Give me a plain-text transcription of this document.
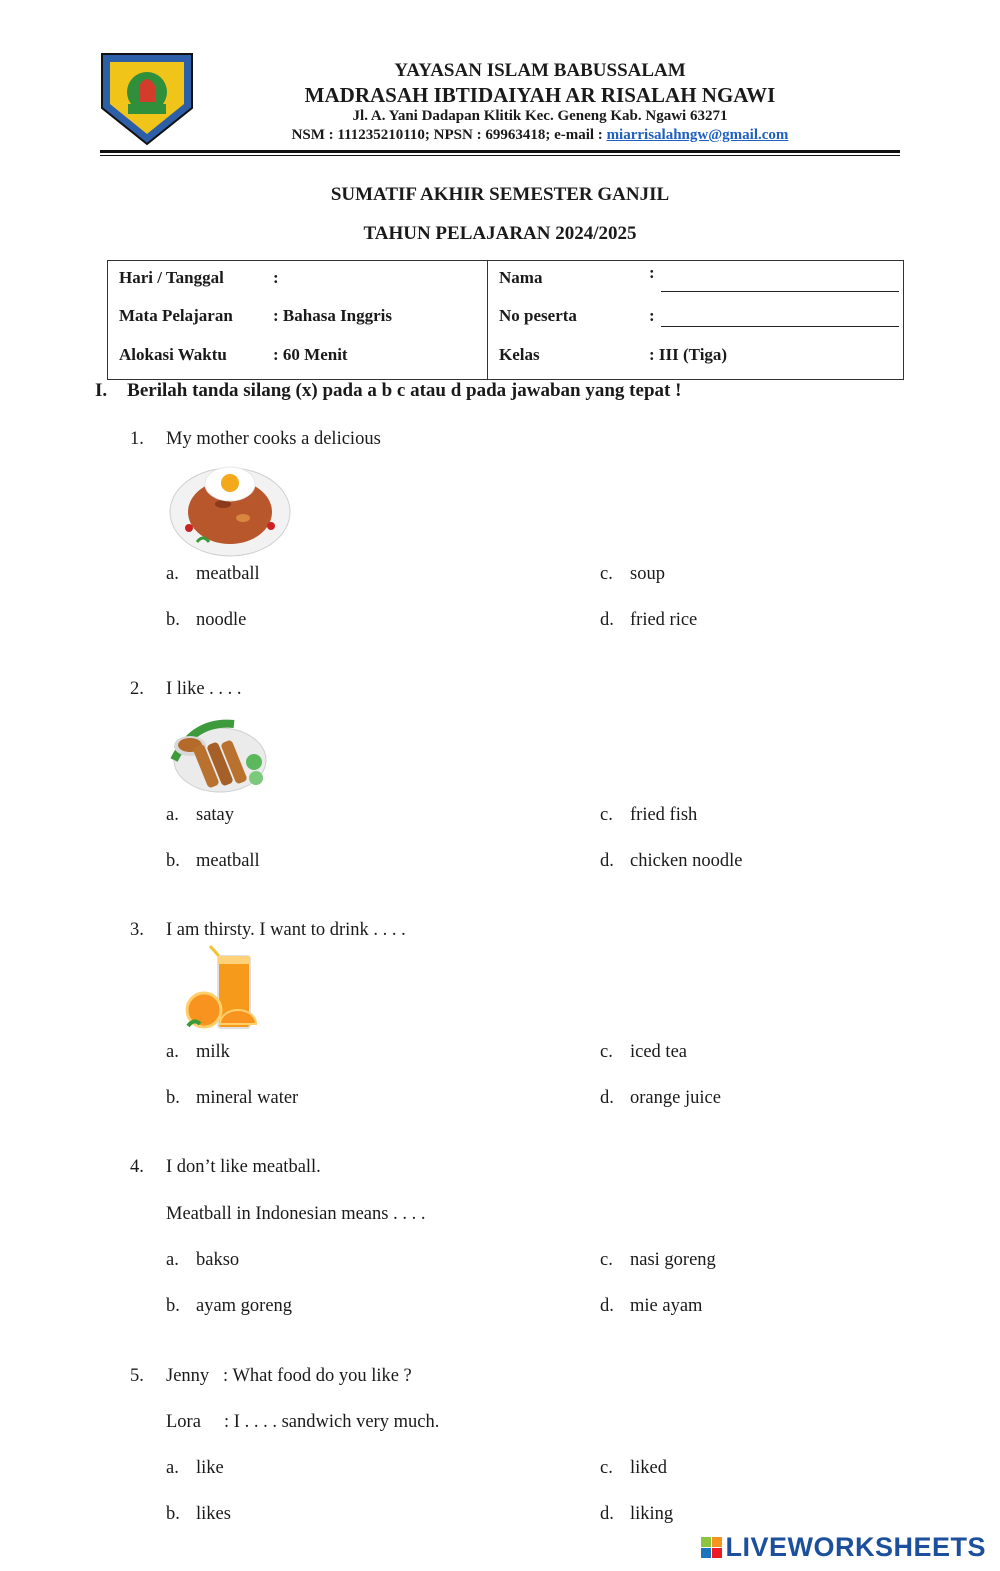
YAYASAN ISLAM BABUSSALAM
MADRASAH IBTIDAIYAH AR RISALAH NGAWI
Jl. A. Yani Dadapan Klitik Kec. Geneng Kab. Ngawi 63271
NSM : 111235210110; NPSN : 69963418; e-mail : miarrisalahngw@gmail.com
SUMATIF AKHIR SEMESTER GANJIL
TAHUN PELAJARAN 2024/2025
Hari / Tanggal	:
Mata Pelajaran : Bahasa Inggris
Alokasi Waktu	: 60 Menit
Nama	:
No peserta	:
Kelas	: III (Tiga)
I. Berilah tanda silang (x) pada a b c atau d pada jawaban yang tepat !
1. My mother cooks a delicious
a. meatball
b. noodle
c. soup
d. fried rice
2. I like . . . .
a. satay
b. meatball
c. fried fish
d. chicken noodle
3. I am thirsty. I want to drink . . . .
a. milk
b. mineral water
c. iced tea
d. orange juice
4. I don’t like meatball.
Meatball in Indonesian means . . . .
a. bakso
b. ayam goreng
c. nasi goreng
d. mie ayam
5. Jenny   : What food do you like ?
Lora     : I . . . . sandwich very much.
a. like
b. likes
c. liked
d. liking
LIVEWORKSHEETS
